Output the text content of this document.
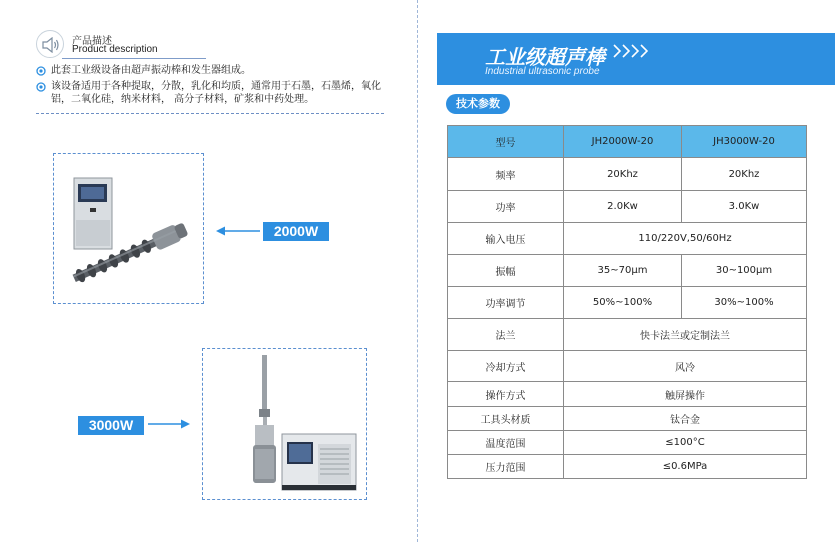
产品描述
Product description
此套工业级设备由超声振动棒和发生器组成。
该设备适用于各种提取，分散，乳化和均质，通常用于石墨，石墨烯，氧化铝，二氧化硅，纳米材料， 高分子材料，矿浆和中药处理。
2000W
3000W
工业级超声棒
Industrial ultrasonic probe
技术参数
型号	JH2000W-20	JH3000W-20
频率	20Khz	20Khz
功率	2.0Kw	3.0Kw
输入电压	110/220V,50/60Hz	
振幅	35~70μm	30~100μm
功率调节	50%~100%	30%~100%
法兰	快卡法兰或定制法兰	
冷却方式	风冷	
操作方式	触屏操作	
工具头材质	钛合金	
温度范围	≤100°C	
压力范围	≤0.6MPa	
